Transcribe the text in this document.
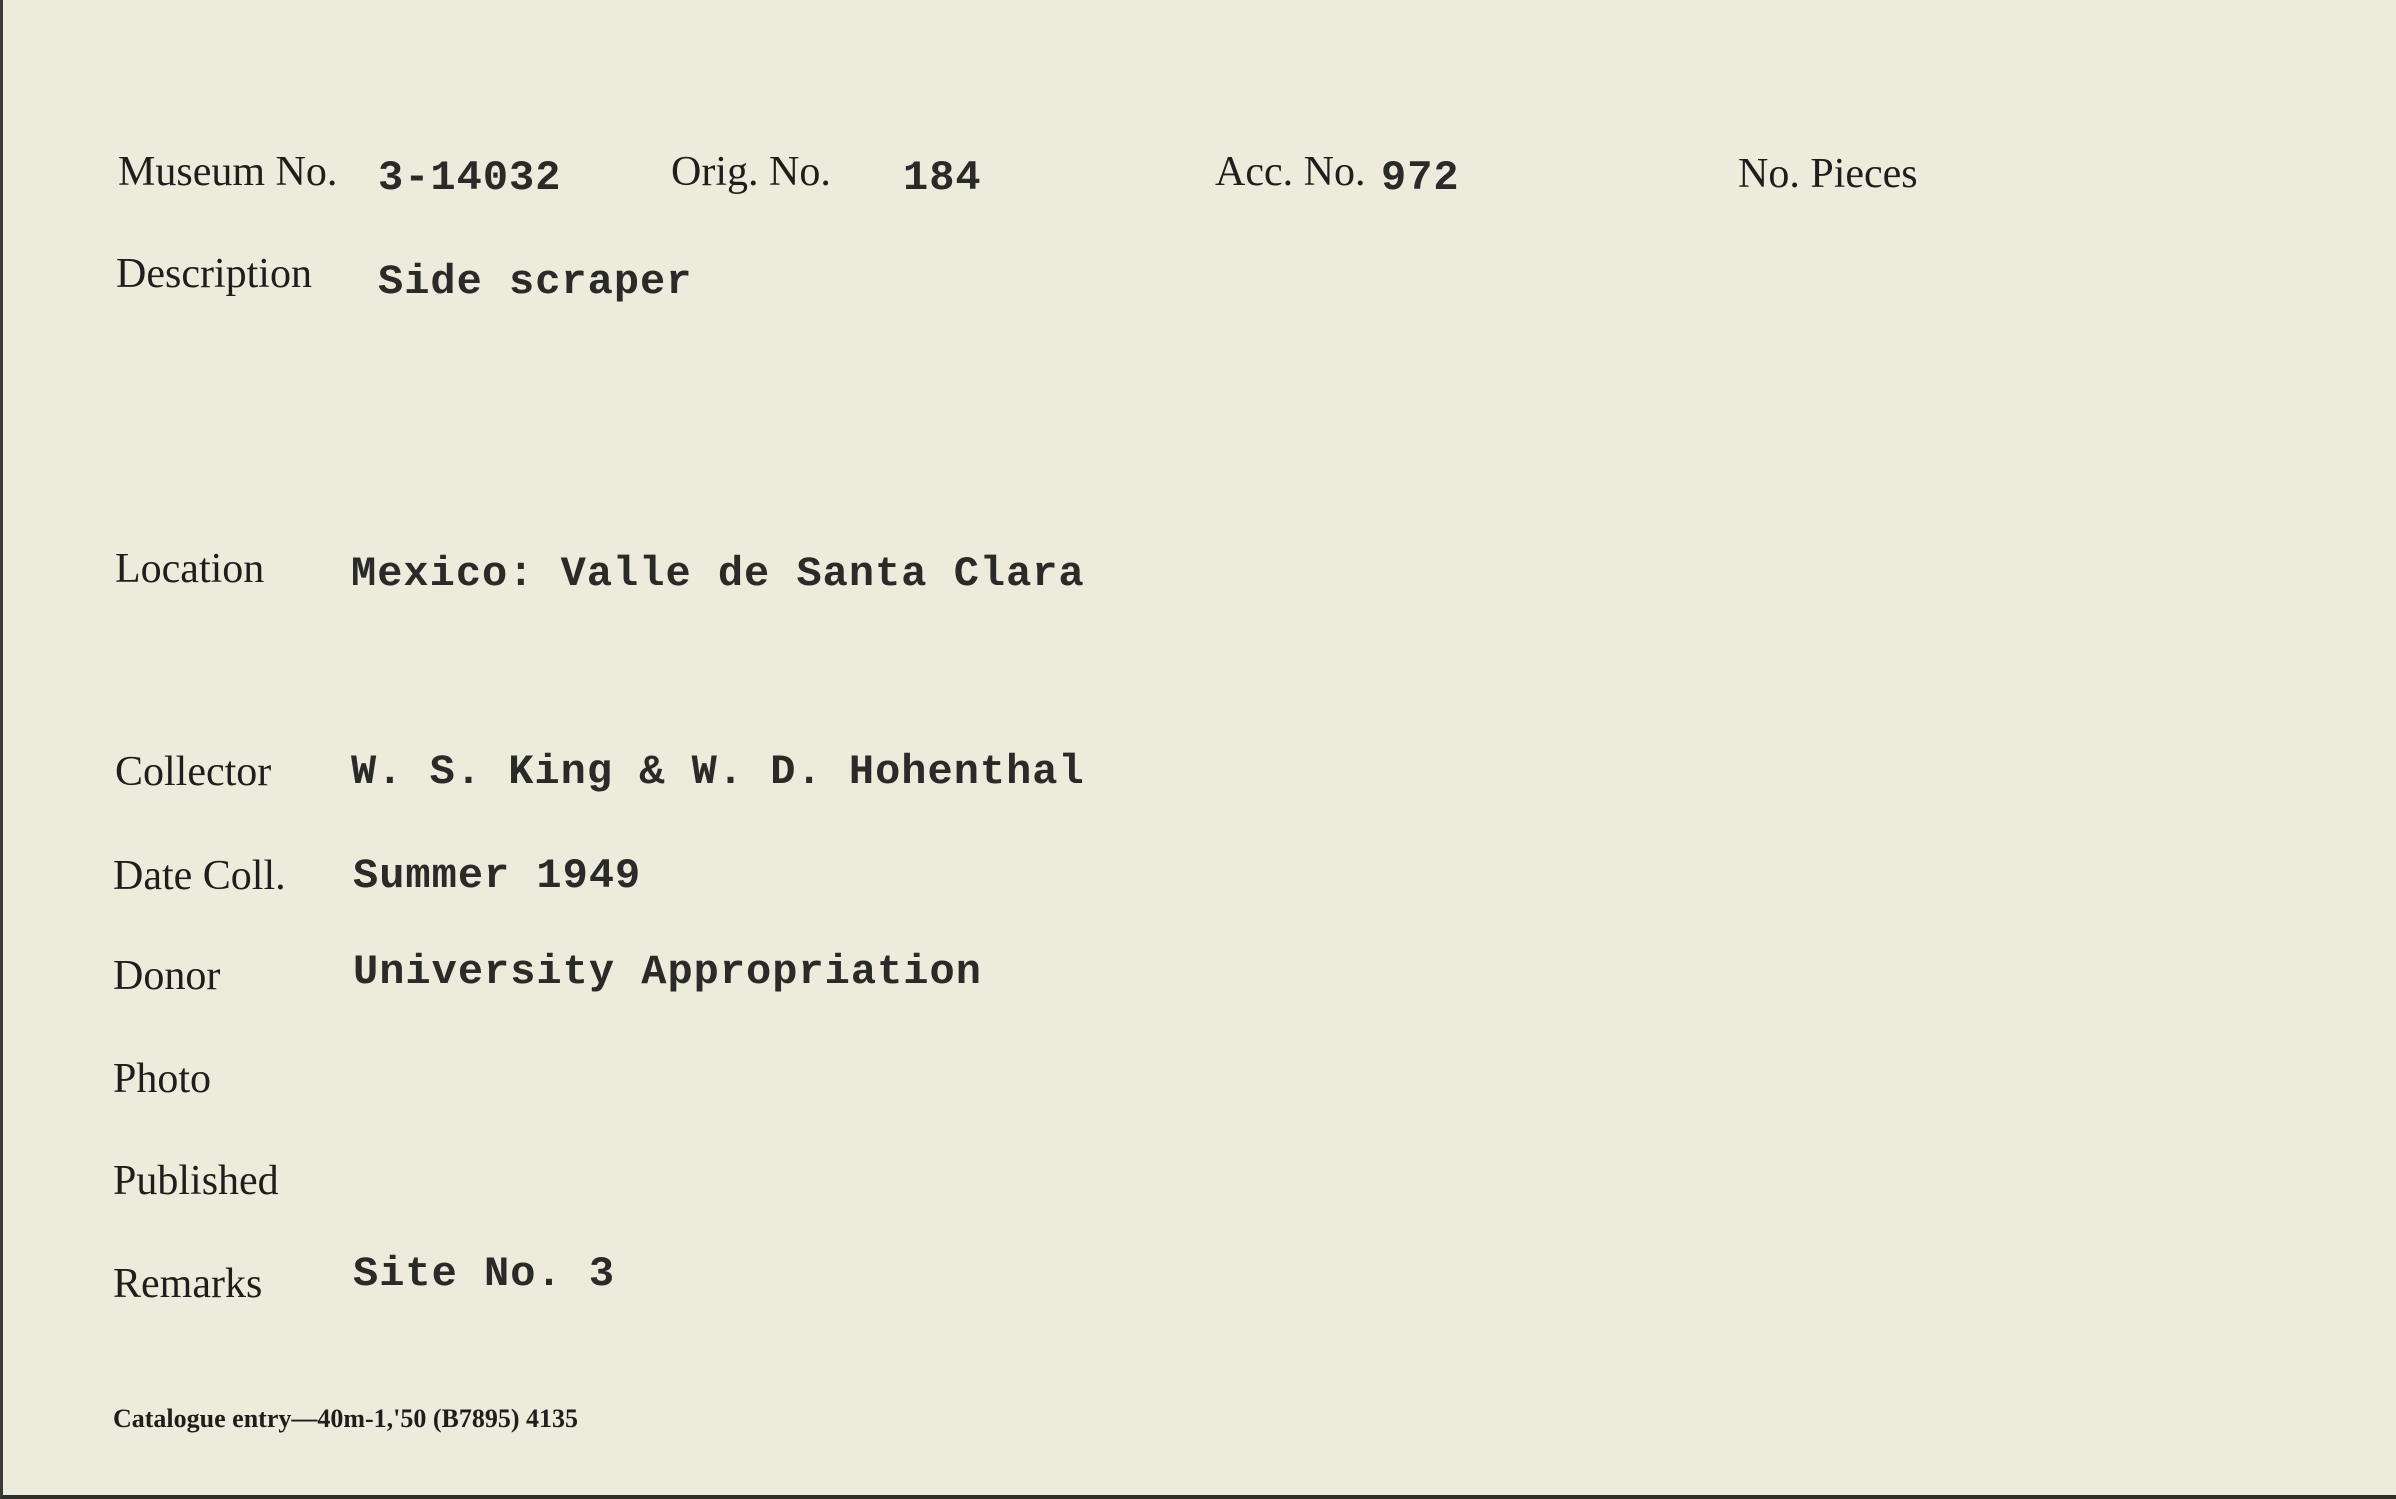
Museum No. 3-14032	Orig. No. 184	Acc. No. 972	No. Pieces
Description Side scraper
Location Mexico: Valle de Santa Clara
Collector W. S. King & W. D. Hohenthal
Date Coll. Summer 1949
Donor	University Appropriation
Photo
Published
Remarks Site No. 3
Catalogue entry—40m-1,'50 (B7895) 4135
